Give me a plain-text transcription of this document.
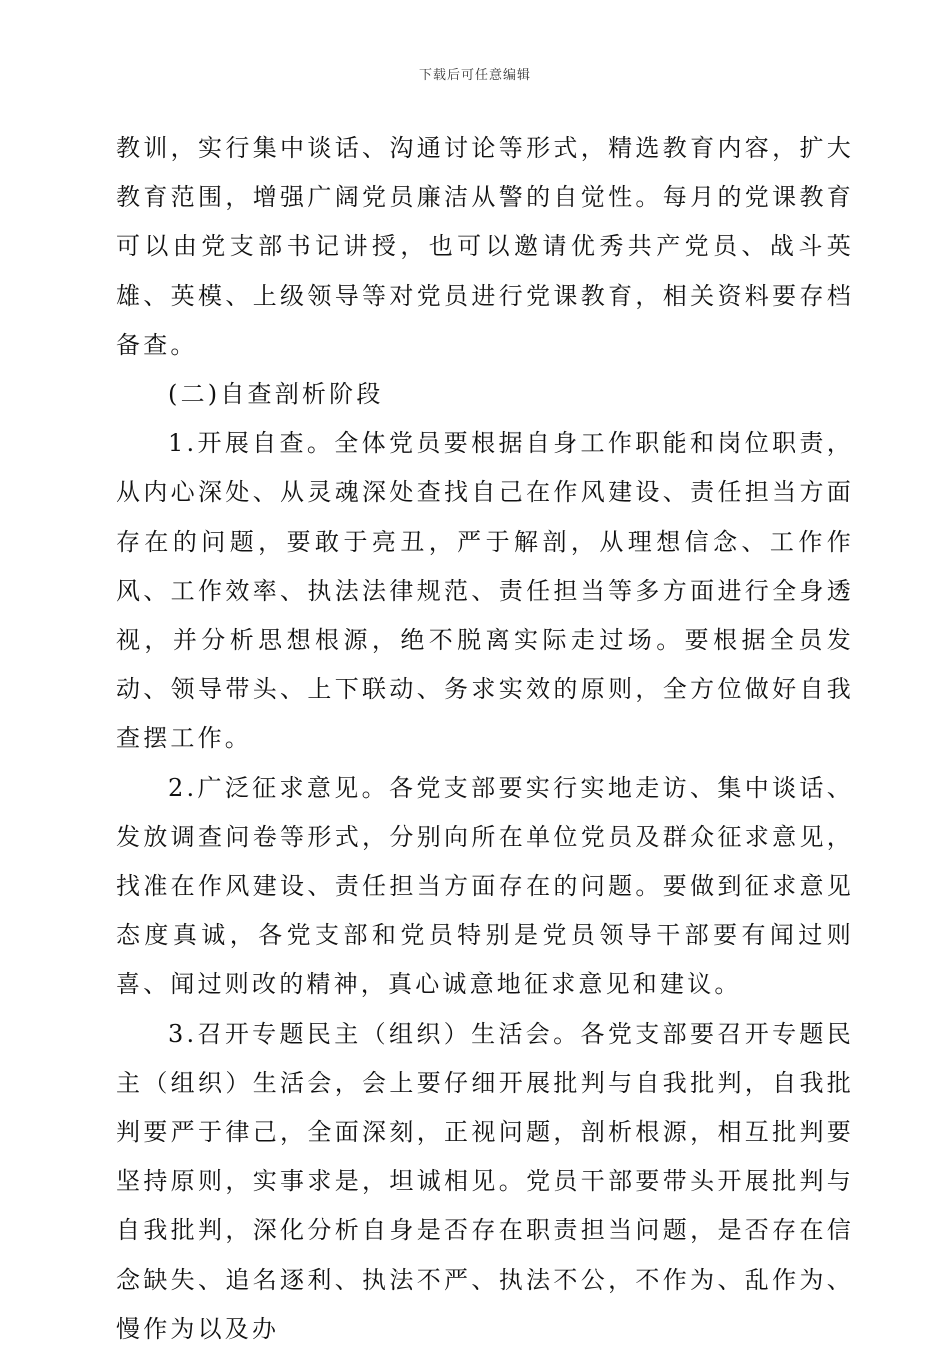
下载后可任意编辑

教训，实行集中谈话、沟通讨论等形式，精选教育内容，扩大教育范围，增强广阔党员廉洁从警的自觉性。每月的党课教育可以由党支部书记讲授，也可以邀请优秀共产党员、战斗英雄、英模、上级领导等对党员进行党课教育，相关资料要存档备查。

(二)自查剖析阶段

1.开展自查。全体党员要根据自身工作职能和岗位职责，从内心深处、从灵魂深处查找自己在作风建设、责任担当方面存在的问题，要敢于亮丑，严于解剖，从理想信念、工作作风、工作效率、执法法律规范、责任担当等多方面进行全身透视，并分析思想根源，绝不脱离实际走过场。要根据全员发动、领导带头、上下联动、务求实效的原则，全方位做好自我查摆工作。

2.广泛征求意见。各党支部要实行实地走访、集中谈话、发放调查问卷等形式，分别向所在单位党员及群众征求意见，找准在作风建设、责任担当方面存在的问题。要做到征求意见态度真诚，各党支部和党员特别是党员领导干部要有闻过则喜、闻过则改的精神，真心诚意地征求意见和建议。

3.召开专题民主（组织）生活会。各党支部要召开专题民主（组织）生活会，会上要仔细开展批判与自我批判，自我批判要严于律己，全面深刻，正视问题，剖析根源，相互批判要坚持原则，实事求是，坦诚相见。党员干部要带头开展批判与自我批判，深化分析自身是否存在职责担当问题，是否存在信念缺失、追名逐利、执法不严、执法不公，不作为、乱作为、慢作为以及办
